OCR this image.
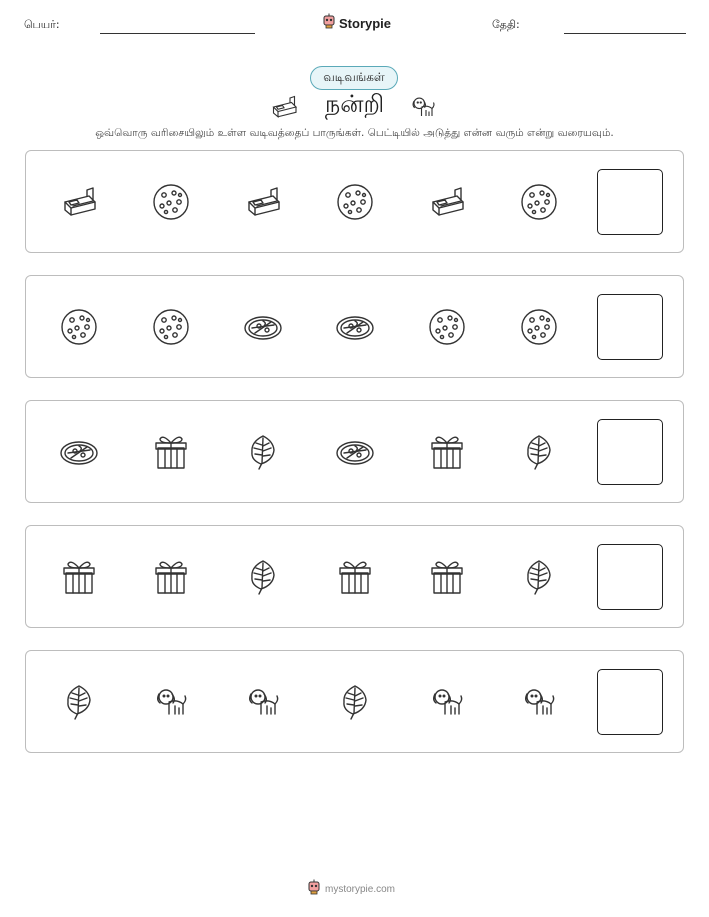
பெயர்:	Storypie	தேதி:
வடிவங்கள்
நன்றி
ஒவ்வொரு வரிசையிலும் உள்ள வடிவத்தைப் பாருங்கள். பெட்டியில் அடுத்து என்ன வரும் என்று வரையவும்.
mystorypie.com
